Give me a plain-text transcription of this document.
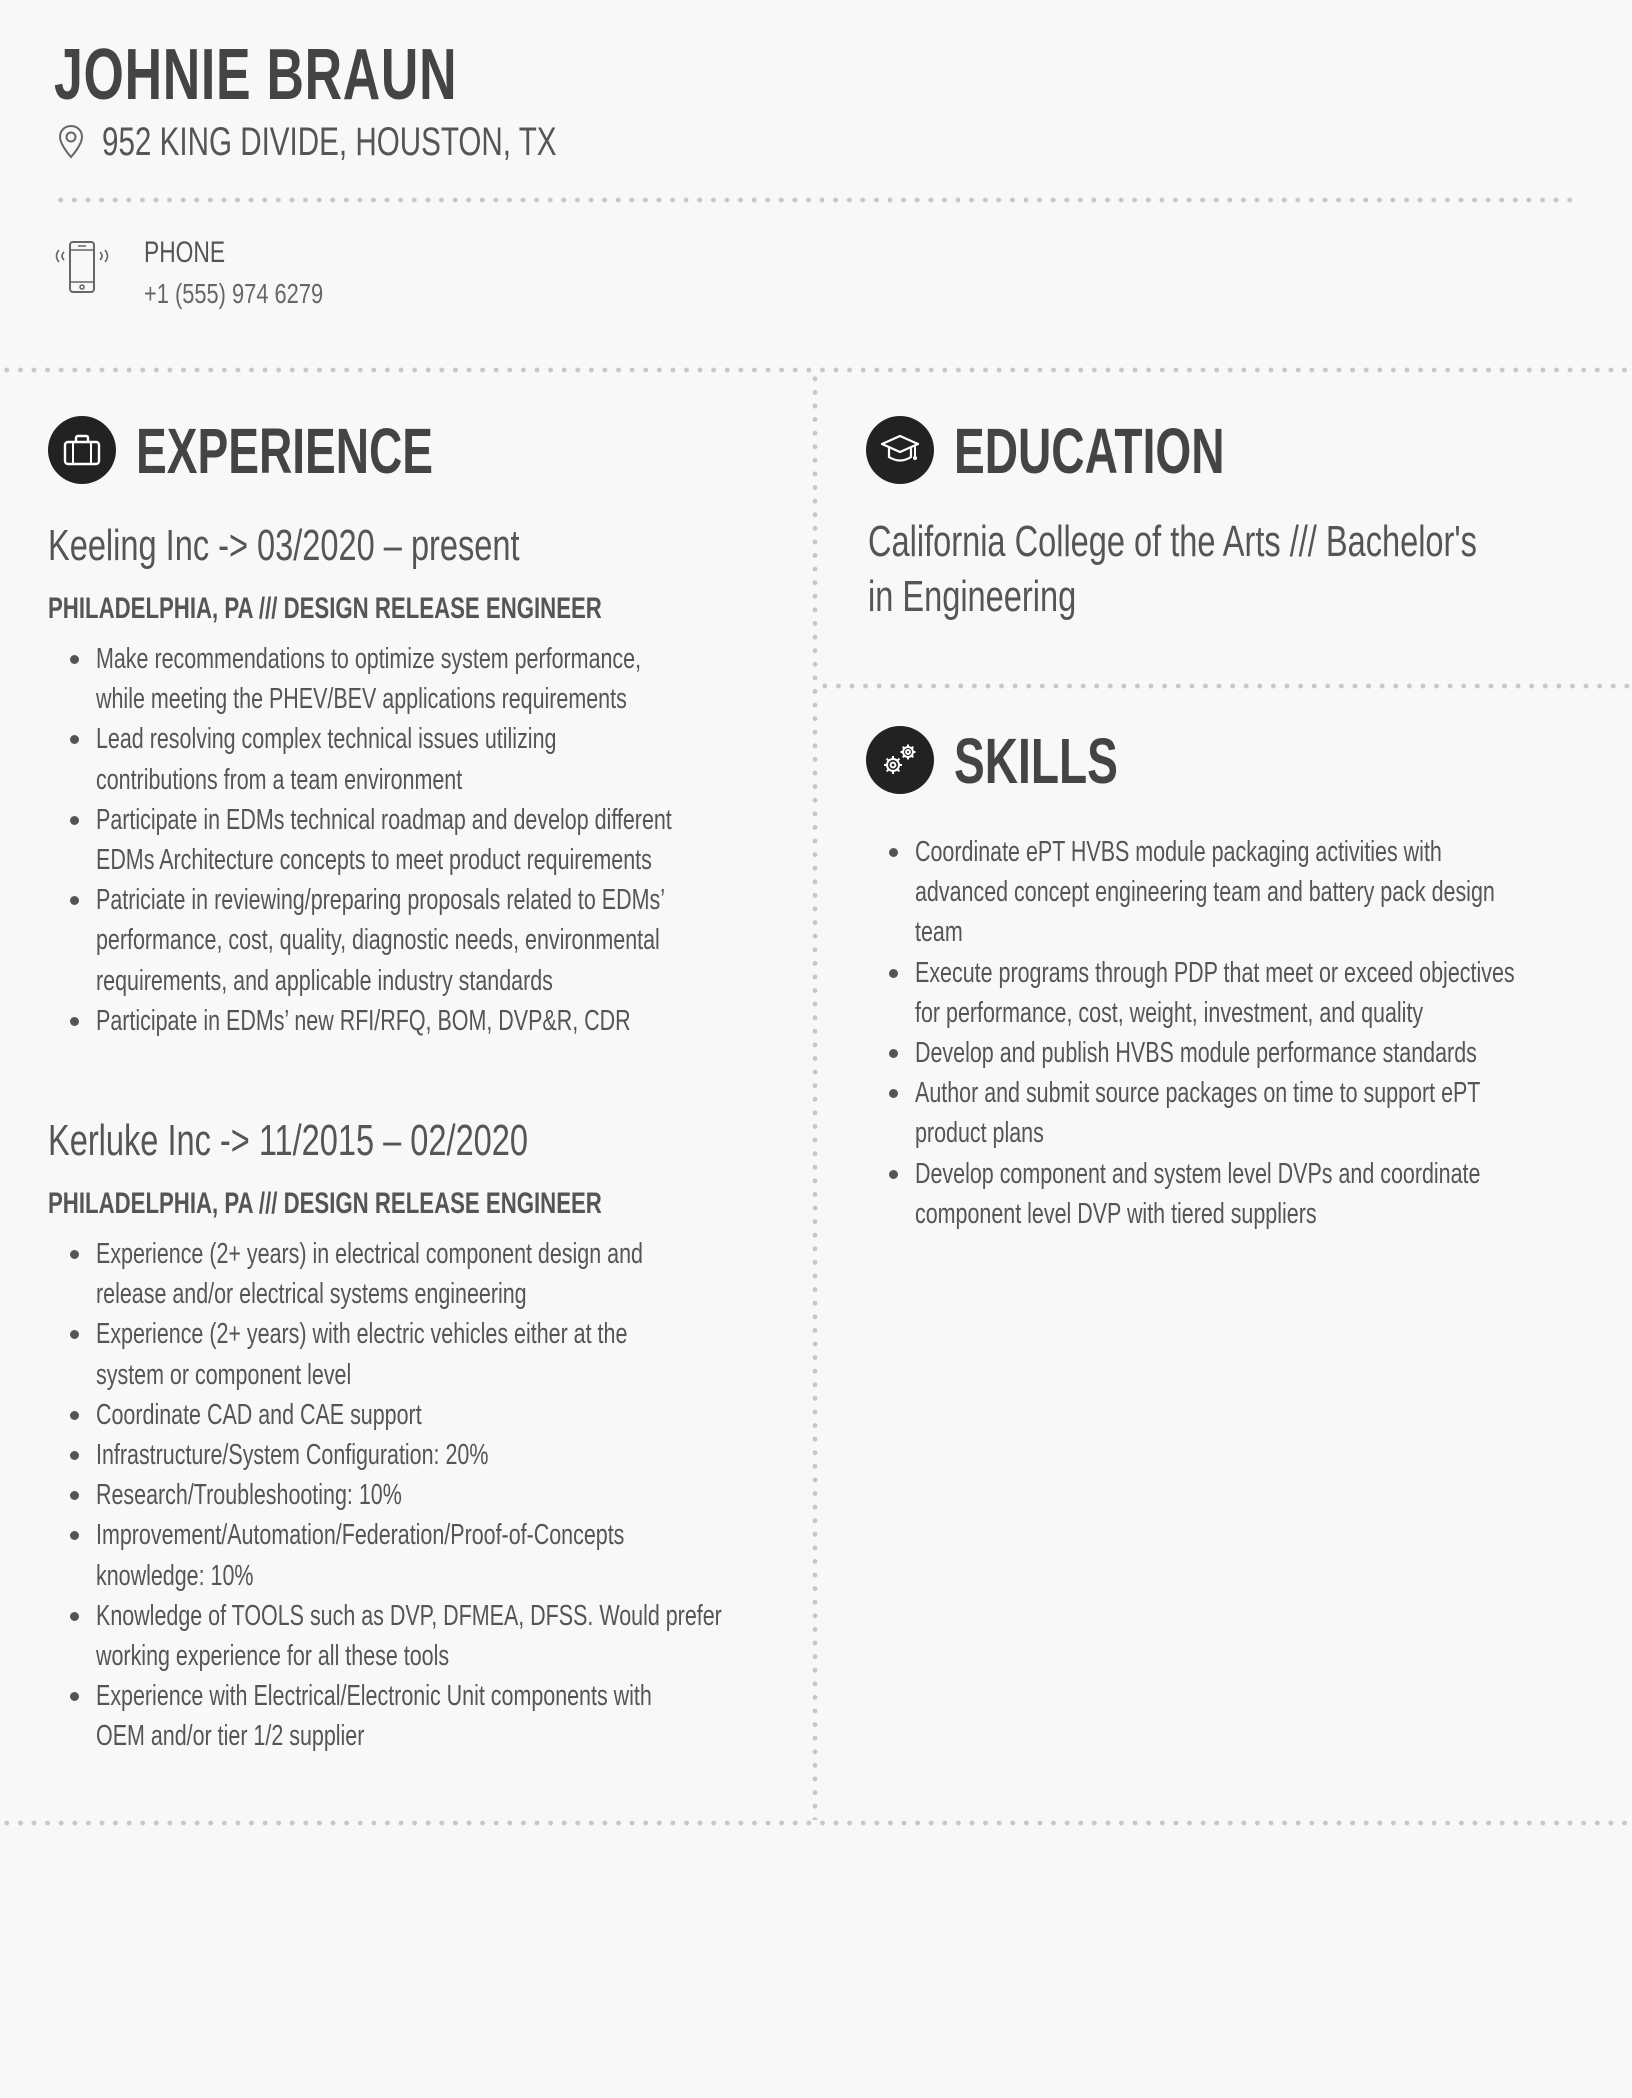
JOHNIE BRAUN
952 KING DIVIDE, HOUSTON, TX
PHONE
+1 (555) 974 6279
EXPERIENCE
Keeling Inc -> 03/2020 – present
PHILADELPHIA, PA /// DESIGN RELEASE ENGINEER
Make recommendations to optimize system performance,
while meeting the PHEV/BEV applications requirements
Lead resolving complex technical issues utilizing
contributions from a team environment
Participate in EDMs technical roadmap and develop different
EDMs Architecture concepts to meet product requirements
Patriciate in reviewing/preparing proposals related to EDMs’
performance, cost, quality, diagnostic needs, environmental
requirements, and applicable industry standards
Participate in EDMs’ new RFI/RFQ, BOM, DVP&R, CDR
Kerluke Inc -> 11/2015 – 02/2020
PHILADELPHIA, PA /// DESIGN RELEASE ENGINEER
Experience (2+ years) in electrical component design and
release and/or electrical systems engineering
Experience (2+ years) with electric vehicles either at the
system or component level
Coordinate CAD and CAE support
Infrastructure/System Configuration: 20%
Research/Troubleshooting: 10%
Improvement/Automation/Federation/Proof-of-Concepts
knowledge: 10%
Knowledge of TOOLS such as DVP, DFMEA, DFSS. Would prefer
working experience for all these tools
Experience with Electrical/Electronic Unit components with
OEM and/or tier 1/2 supplier
EDUCATION
California College of the Arts /// Bachelor's
in Engineering
SKILLS
Coordinate ePT HVBS module packaging activities with
advanced concept engineering team and battery pack design
team
Execute programs through PDP that meet or exceed objectives
for performance, cost, weight, investment, and quality
Develop and publish HVBS module performance standards
Author and submit source packages on time to support ePT
product plans
Develop component and system level DVPs and coordinate
component level DVP with tiered suppliers
